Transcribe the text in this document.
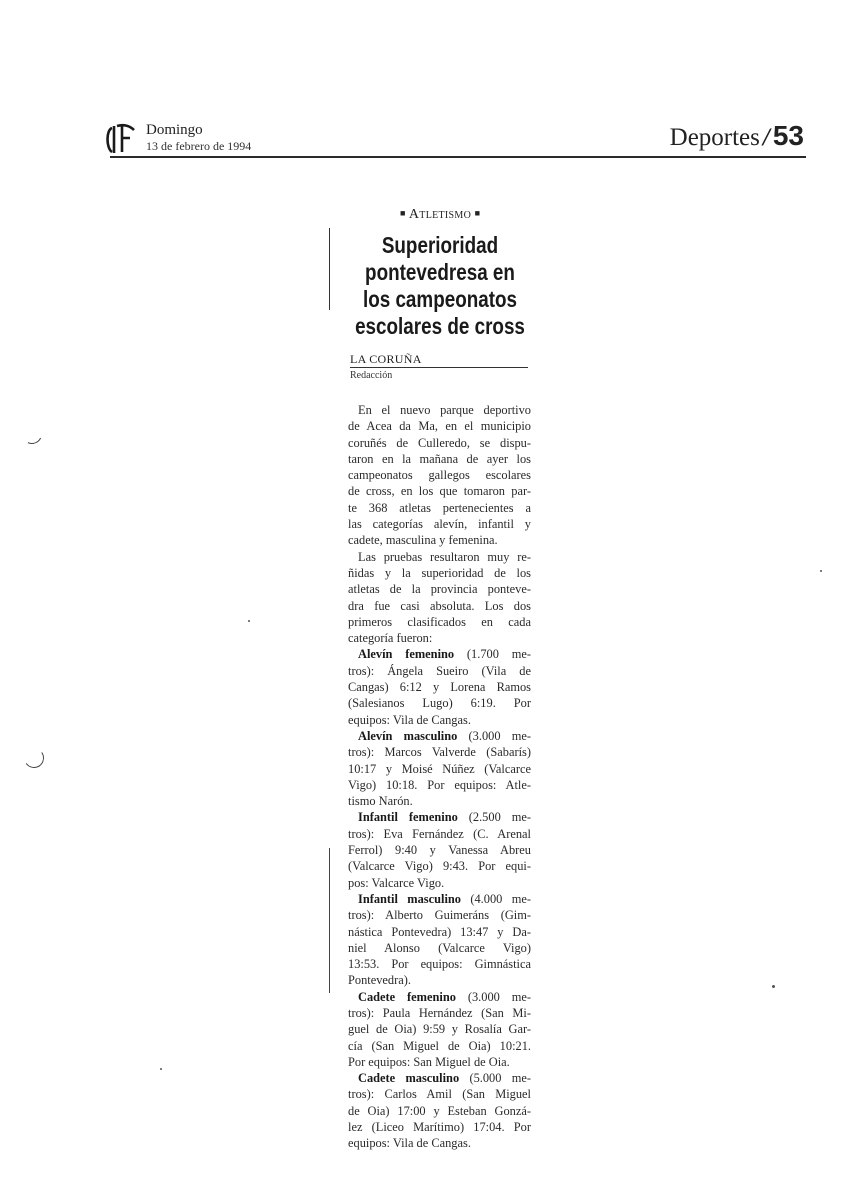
Domingo
13 de febrero de 1994	Deportes / 53
■ Atletismo ■
Superioridad
pontevedresa en
los campeonatos
escolares de cross
LA CORUÑA
Redacción
En el nuevo parque deportivo
de Acea da Ma, en el municipio
coruñés de Culleredo, se dispu-
taron en la mañana de ayer los
campeonatos gallegos escolares
de cross, en los que tomaron par-
te 368 atletas pertenecientes a
las categorías alevín, infantil y
cadete, masculina y femenina.
Las pruebas resultaron muy re-
ñidas y la superioridad de los
atletas de la provincia ponteve-
dra fue casi absoluta. Los dos
primeros clasificados en cada
categoría fueron:
Alevín femenino (1.700 me-
tros): Ángela Sueiro (Vila de
Cangas) 6:12 y Lorena Ramos
(Salesianos Lugo) 6:19. Por
equipos: Vila de Cangas.
Alevín masculino (3.000 me-
tros): Marcos Valverde (Sabarís)
10:17 y Moisé Núñez (Valcarce
Vigo) 10:18. Por equipos: Atle-
tismo Narón.
Infantil femenino (2.500 me-
tros): Eva Fernández (C. Arenal
Ferrol) 9:40 y Vanessa Abreu
(Valcarce Vigo) 9:43. Por equi-
pos: Valcarce Vigo.
Infantil masculino (4.000 me-
tros): Alberto Guimeráns (Gim-
nástica Pontevedra) 13:47 y Da-
niel Alonso (Valcarce Vigo)
13:53. Por equipos: Gimnástica
Pontevedra).
Cadete femenino (3.000 me-
tros): Paula Hernández (San Mi-
guel de Oia) 9:59 y Rosalía Gar-
cía (San Miguel de Oia) 10:21.
Por equipos: San Miguel de Oia.
Cadete masculino (5.000 me-
tros): Carlos Amil (San Miguel
de Oia) 17:00 y Esteban Gonzá-
lez (Liceo Marítimo) 17:04. Por
equipos: Vila de Cangas.
